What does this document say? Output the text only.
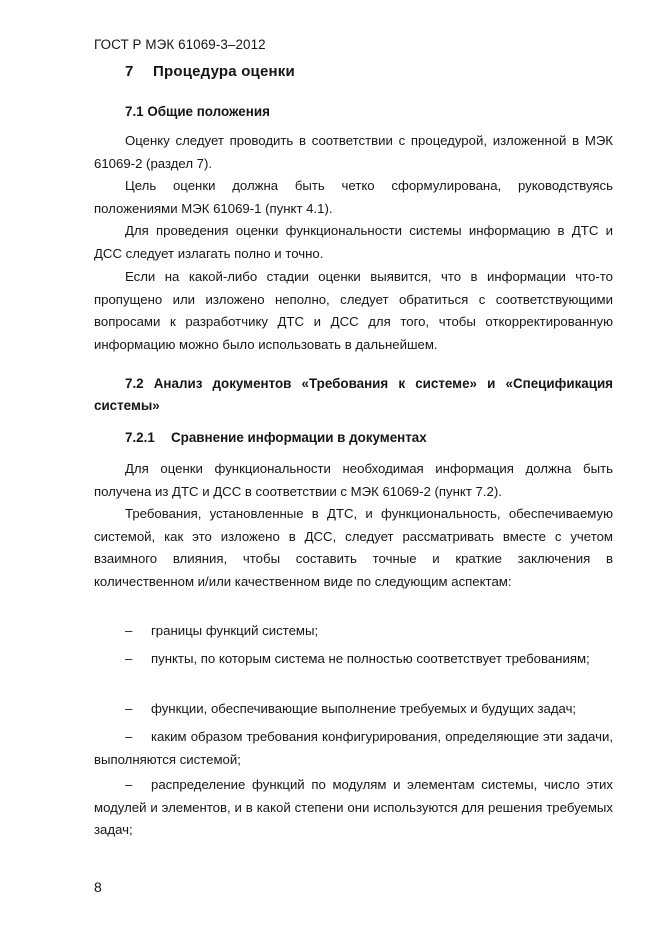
ГОСТ Р МЭК 61069-3–2012
7 Процедура оценки
7.1 Общие положения

Оценку следует проводить в соответствии с процедурой, изложенной в МЭК 61069-2 (раздел 7).

Цель оценки должна быть четко сформулирована, руководствуясь положениями МЭК 61069-1 (пункт 4.1).

Для проведения оценки функциональности системы информацию в ДТС и ДСС следует излагать полно и точно.

Если на какой-либо стадии оценки выявится, что в информации что-то пропущено или изложено неполно, следует обратиться с соответствующими вопросами к разработчику ДТС и ДСС для того, чтобы откорректированную информацию можно было использовать в дальнейшем.

7.2 Анализ документов «Требования к системе» и «Спецификация системы»
7.2.1 Сравнение информации в документах

Для оценки функциональности необходимая информация должна быть получена из ДТС и ДСС в соответствии с МЭК 61069-2 (пункт 7.2).

Требования, установленные в ДТС, и функциональность, обеспечиваемую системой, как это изложено в ДСС, следует рассматривать вместе с учетом взаимного влияния, чтобы составить точные и краткие заключения в количественном и/или качественном виде по следующим аспектам:

– границы функций системы;

– пункты, по которым система не полностью соответствует требованиям;

– функции, обеспечивающие выполнение требуемых и будущих задач;

– каким образом требования конфигурирования, определяющие эти задачи, выполняются системой;

– распределение функций по модулям и элементам системы, число этих модулей и элементов, и в какой степени они используются для решения требуемых задач;

8
